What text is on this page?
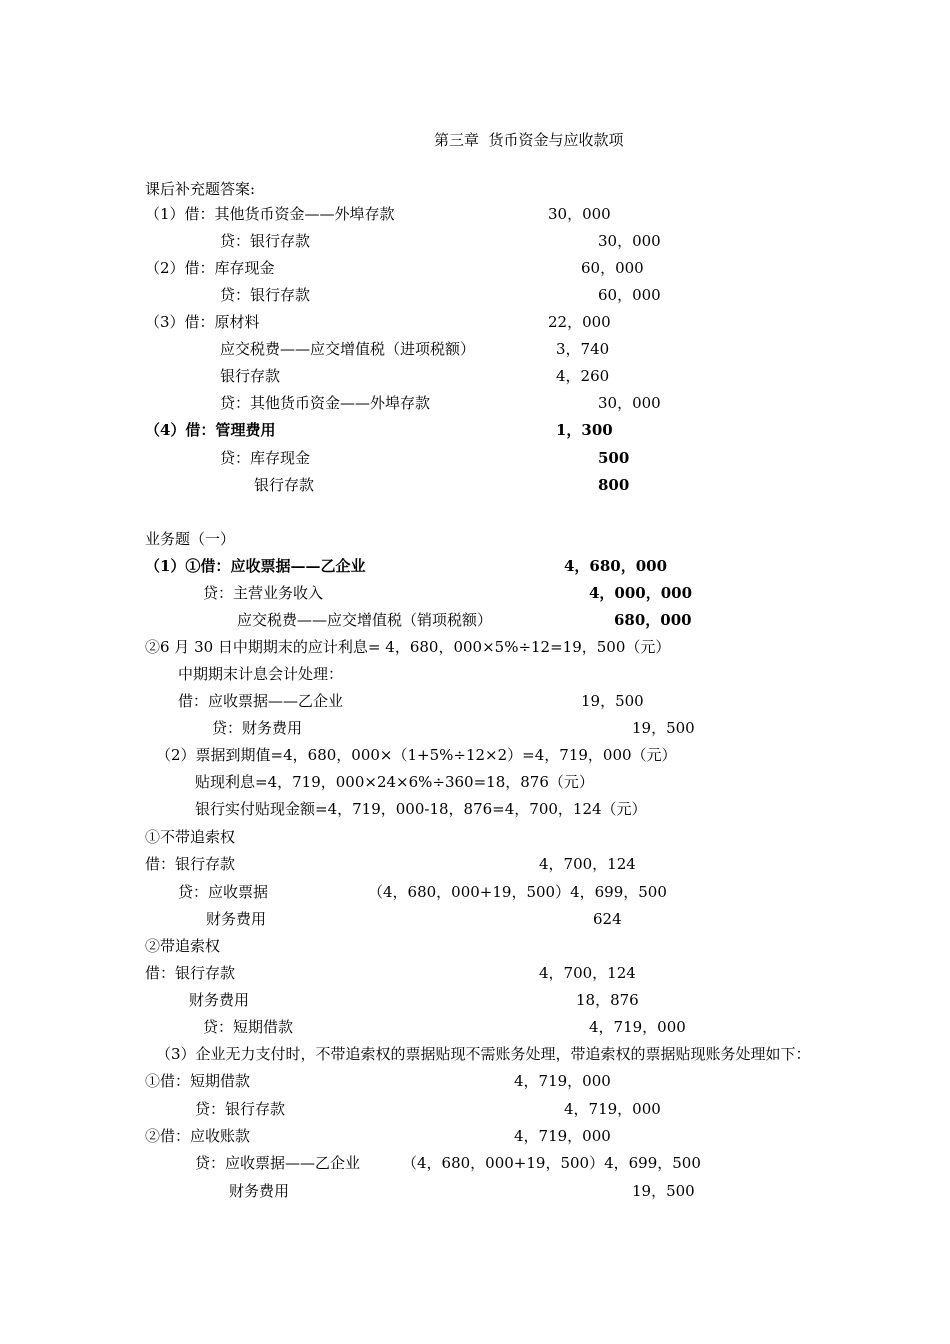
第三章  货币资金与应收款项
课后补充题答案:
（1）借：其他货币资金——外埠存款	30，000
贷：银行存款	30，000
（2）借：库存现金	60，000
贷：银行存款	60，000
（3）借：原材料	22，000
应交税费——应交增值税（进项税额）	3，740
银行存款	4，260
贷：其他货币资金——外埠存款	30，000
（4）借：管理费用	1，300
贷：库存现金	500
银行存款	800
业务题（一）
（1）①借：应收票据——乙企业	4，680，000
贷：主营业务收入	4，000，000
应交税费——应交增值税（销项税额）	680，000
②6 月 30 日中期期末的应计利息= 4，680，000×5%÷12=19，500（元）
中期期末计息会计处理：
借：应收票据——乙企业	19，500
贷：财务费用	19，500
（2）票据到期值=4，680，000×（1+5%÷12×2）=4，719，000（元）
贴现利息=4，719，000×24×6%÷360=18，876（元）
银行实付贴现金额=4，719，000-18，876=4，700，124（元）
①不带追索权
借：银行存款	4，700，124
贷：应收票据	（4，680，000+19，500）4，699，500
财务费用	624
②带追索权
借：银行存款	4，700，124
财务费用	18，876
贷：短期借款	4，719，000
（3）企业无力支付时，不带追索权的票据贴现不需账务处理，带追索权的票据贴现账务处理如下：
①借：短期借款	4，719，000
贷：银行存款	4，719，000
②借：应收账款	4，719，000
贷：应收票据——乙企业	（4，680，000+19，500）4，699，500
财务费用	19，500
